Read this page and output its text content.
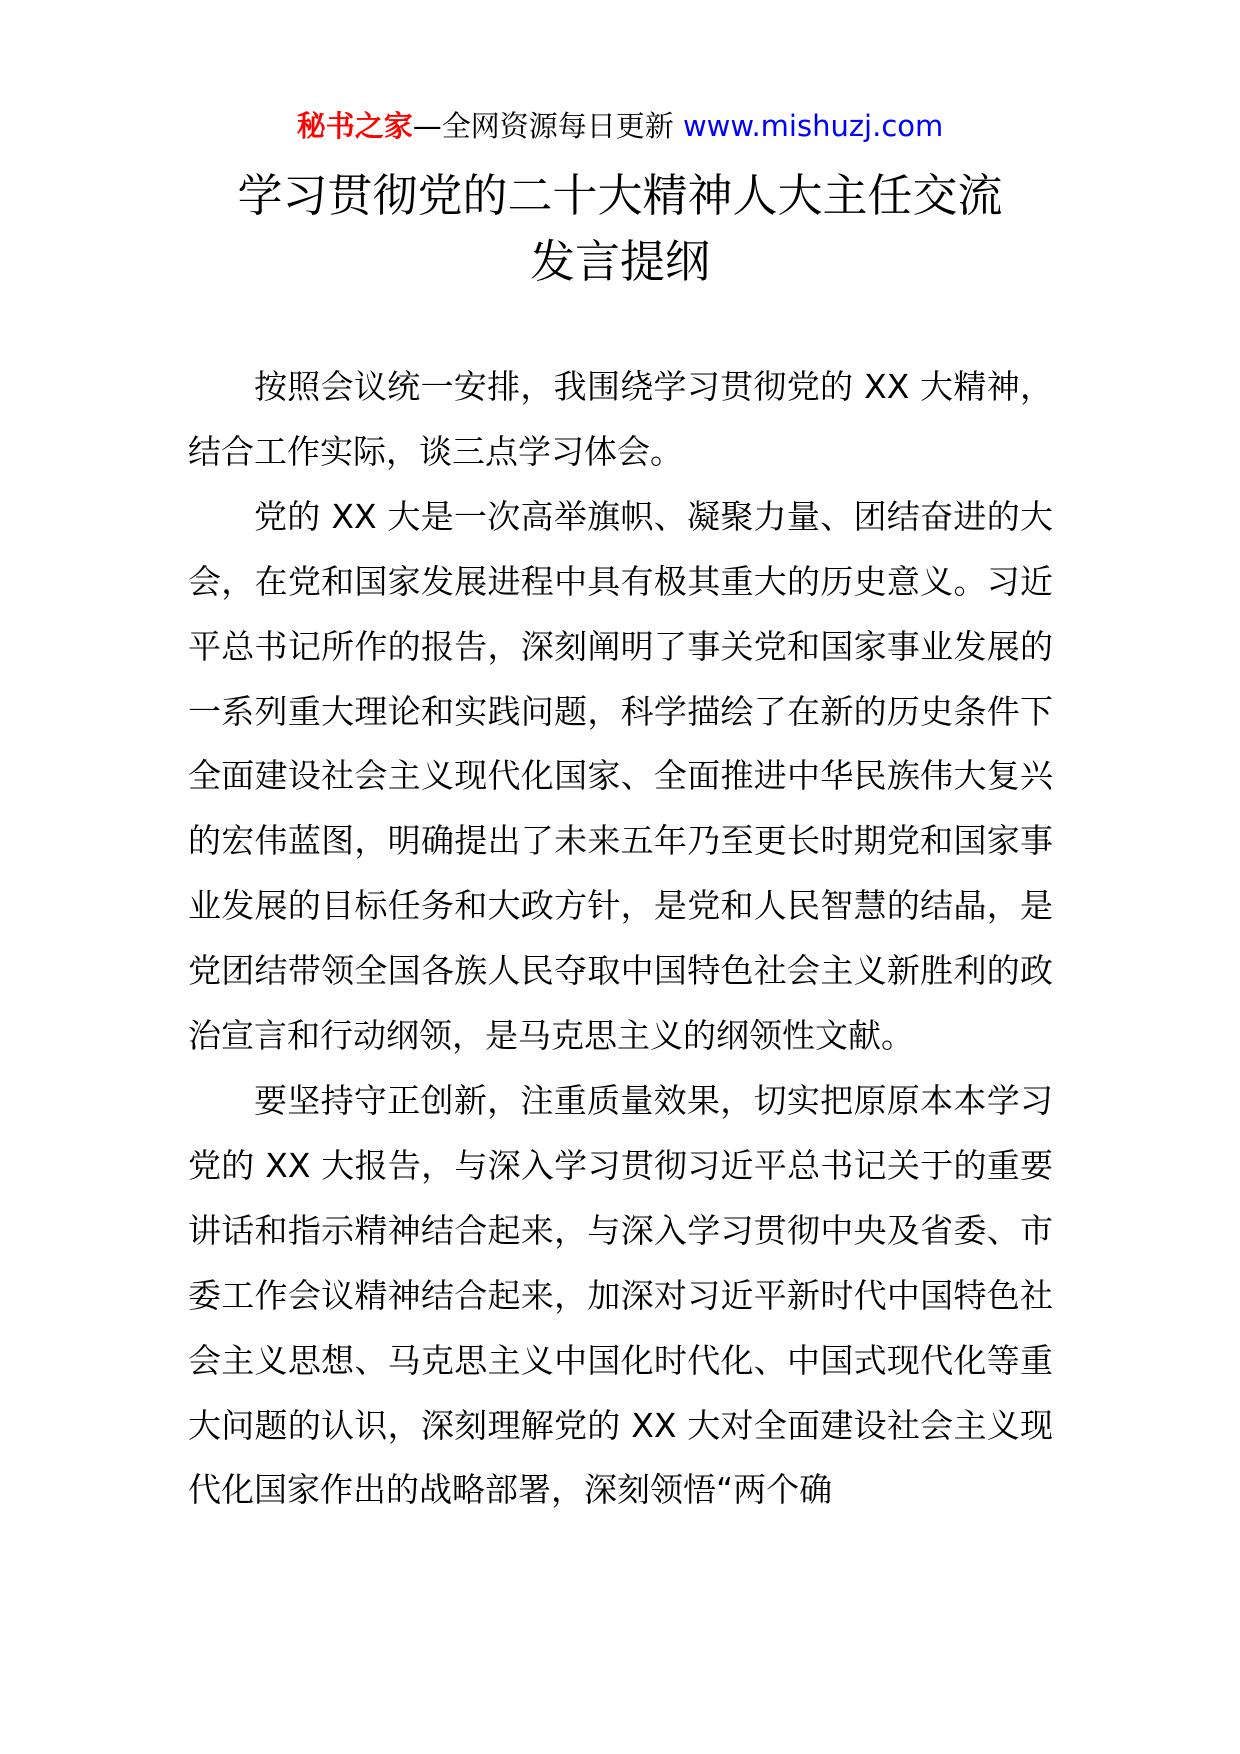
秘书之家—全网资源每日更新 www.mishuzj.com
学习贯彻党的二十大精神人大主任交流
发言提纲

按照会议统一安排，我围绕学习贯彻党的 XX 大精神，结合工作实际，谈三点学习体会。

党的 XX 大是一次高举旗帜、凝聚力量、团结奋进的大会，在党和国家发展进程中具有极其重大的历史意义。习近平总书记所作的报告，深刻阐明了事关党和国家事业发展的一系列重大理论和实践问题，科学描绘了在新的历史条件下全面建设社会主义现代化国家、全面推进中华民族伟大复兴的宏伟蓝图，明确提出了未来五年乃至更长时期党和国家事业发展的目标任务和大政方针，是党和人民智慧的结晶，是党团结带领全国各族人民夺取中国特色社会主义新胜利的政治宣言和行动纲领，是马克思主义的纲领性文献。

要坚持守正创新，注重质量效果，切实把原原本本学习党的 XX 大报告，与深入学习贯彻习近平总书记关于的重要讲话和指示精神结合起来，与深入学习贯彻中央及省委、市委工作会议精神结合起来，加深对习近平新时代中国特色社会主义思想、马克思主义中国化时代化、中国式现代化等重大问题的认识，深刻理解党的 XX 大对全面建设社会主义现代化国家作出的战略部署，深刻领悟“两个确
